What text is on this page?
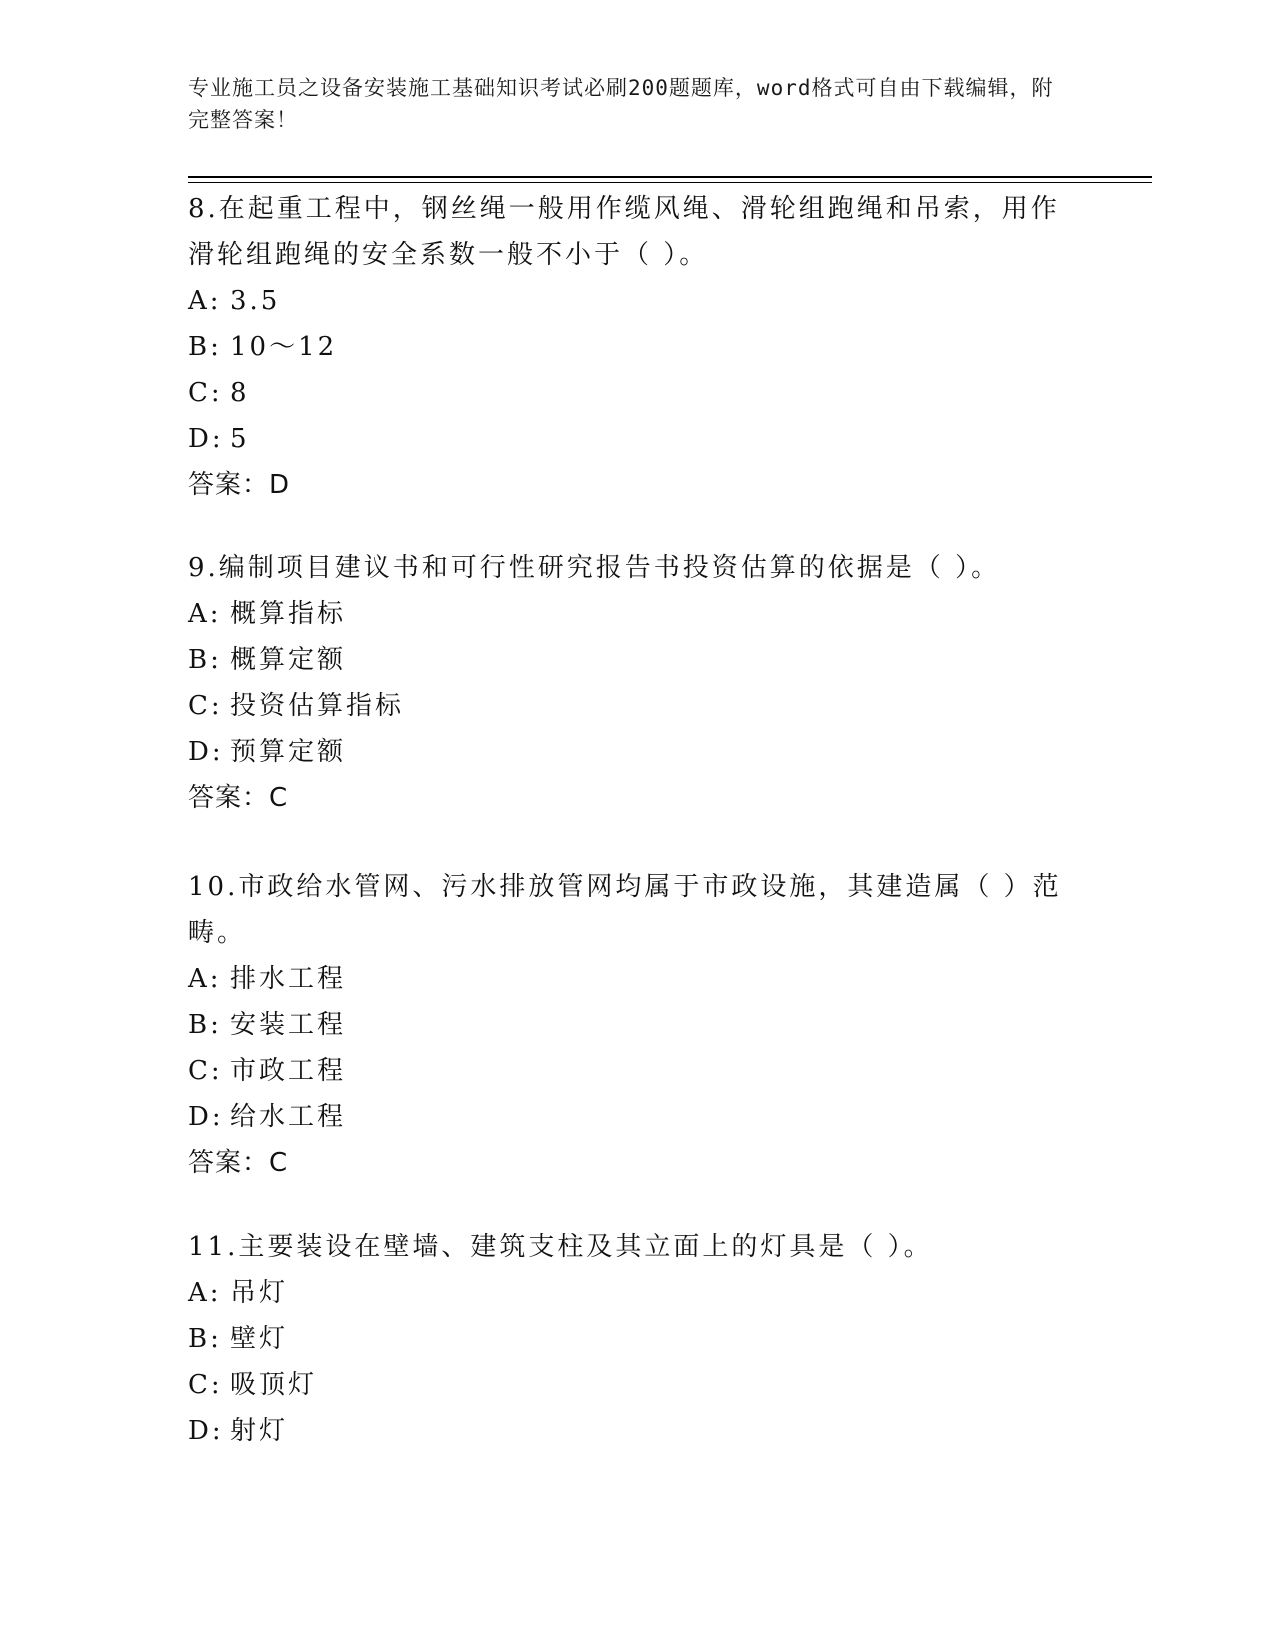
专业施工员之设备安装施工基础知识考试必刷200题题库，word格式可自由下载编辑，附完整答案！

8.在起重工程中，钢丝绳一般用作缆风绳、滑轮组跑绳和吊索，用作滑轮组跑绳的安全系数一般不小于（ ）。

A: 3.5
B: 10～12
C: 8
D: 5
答案：D

9.编制项目建议书和可行性研究报告书投资估算的依据是（ ）。

A: 概算指标
B: 概算定额
C: 投资估算指标
D: 预算定额
答案：C

10.市政给水管网、污水排放管网均属于市政设施，其建造属（ ）范畴。

A: 排水工程
B: 安装工程
C: 市政工程
D: 给水工程
答案：C

11.主要装设在壁墙、建筑支柱及其立面上的灯具是（ ）。

A: 吊灯
B: 壁灯
C: 吸顶灯
D: 射灯
